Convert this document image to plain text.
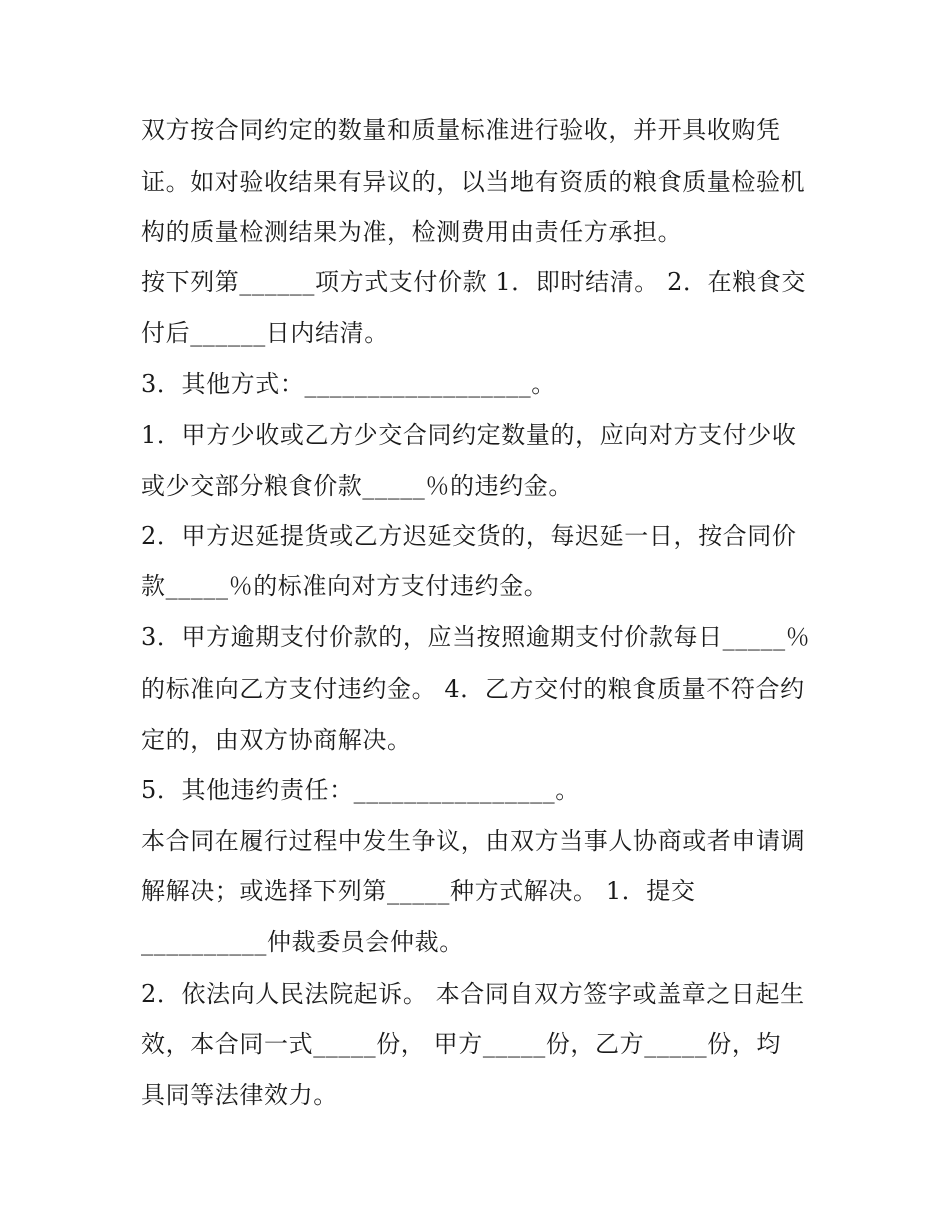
双方按合同约定的数量和质量标准进行验收，并开具收购凭
证。如对验收结果有异议的，以当地有资质的粮食质量检验机
构的质量检测结果为准，检测费用由责任方承担。
按下列第______项方式支付价款 1．即时结清。 2．在粮食交
付后______日内结清。
3．其他方式：__________________。
1．甲方少收或乙方少交合同约定数量的，应向对方支付少收
或少交部分粮食价款_____％的违约金。
2．甲方迟延提货或乙方迟延交货的，每迟延一日，按合同价
款_____％的标准向对方支付违约金。
3．甲方逾期支付价款的，应当按照逾期支付价款每日_____％
的标准向乙方支付违约金。 4．乙方交付的粮食质量不符合约
定的，由双方协商解决。
5．其他违约责任：________________。
本合同在履行过程中发生争议，由双方当事人协商或者申请调
解解决；或选择下列第_____种方式解决。 1．提交
__________仲裁委员会仲裁。
2．依法向人民法院起诉。 本合同自双方签字或盖章之日起生
效，本合同一式_____份， 甲方_____份，乙方_____份，均
具同等法律效力。
